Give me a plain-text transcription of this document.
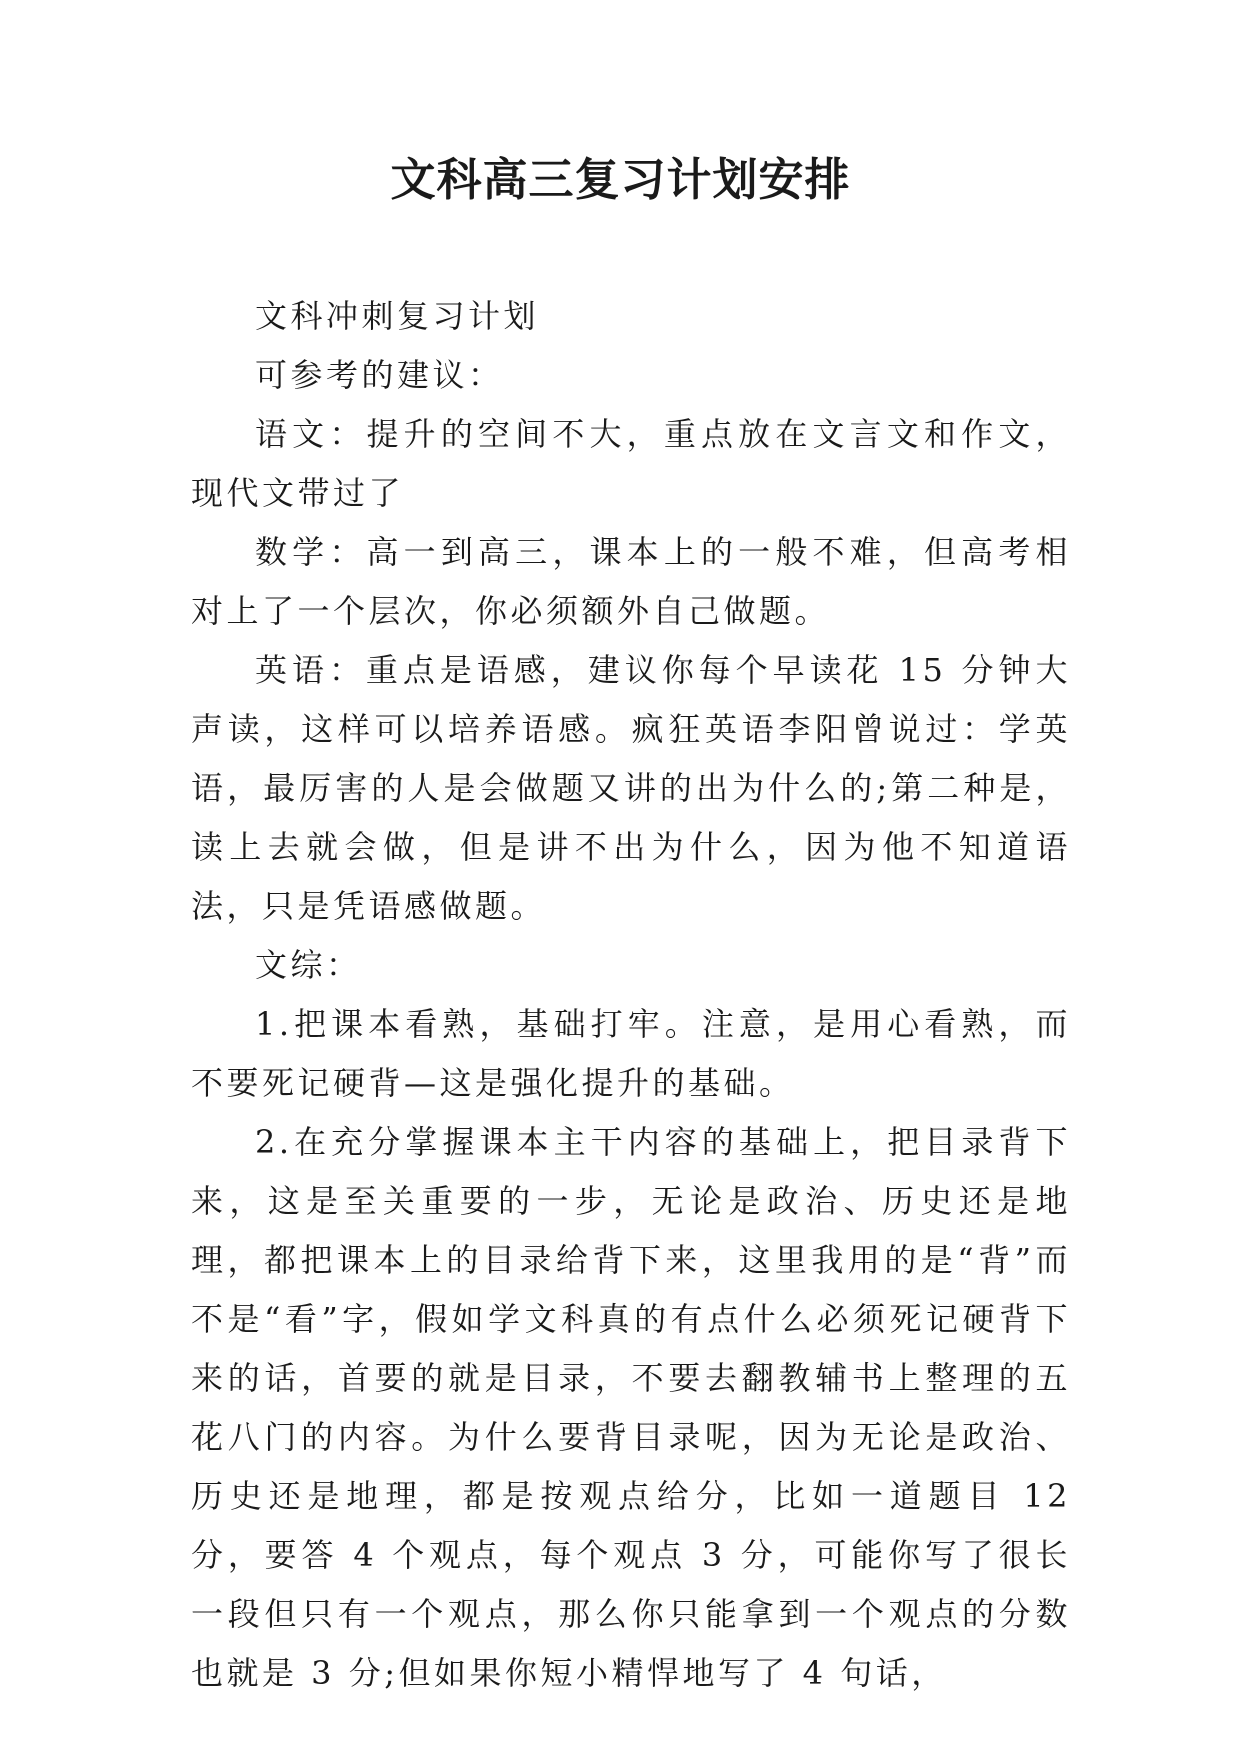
文科高三复习计划安排

文科冲刺复习计划

可参考的建议：

语文：提升的空间不大，重点放在文言文和作文，现代文带过了

数学：高一到高三，课本上的一般不难，但高考相对上了一个层次，你必须额外自己做题。

英语：重点是语感，建议你每个早读花 15 分钟大声读，这样可以培养语感。疯狂英语李阳曾说过：学英语，最厉害的人是会做题又讲的出为什么的;第二种是，读上去就会做，但是讲不出为什么，因为他不知道语法，只是凭语感做题。

文综：

1.把课本看熟，基础打牢。注意，是用心看熟，而不要死记硬背—这是强化提升的基础。

2.在充分掌握课本主干内容的基础上，把目录背下来，这是至关重要的一步，无论是政治、历史还是地理，都把课本上的目录给背下来，这里我用的是“背”而不是“看”字，假如学文科真的有点什么必须死记硬背下来的话，首要的就是目录，不要去翻教辅书上整理的五花八门的内容。为什么要背目录呢，因为无论是政治、历史还是地理，都是按观点给分，比如一道题目 12 分，要答 4 个观点，每个观点 3 分，可能你写了很长一段但只有一个观点，那么你只能拿到一个观点的分数也就是 3 分;但如果你短小精悍地写了 4 句话，
